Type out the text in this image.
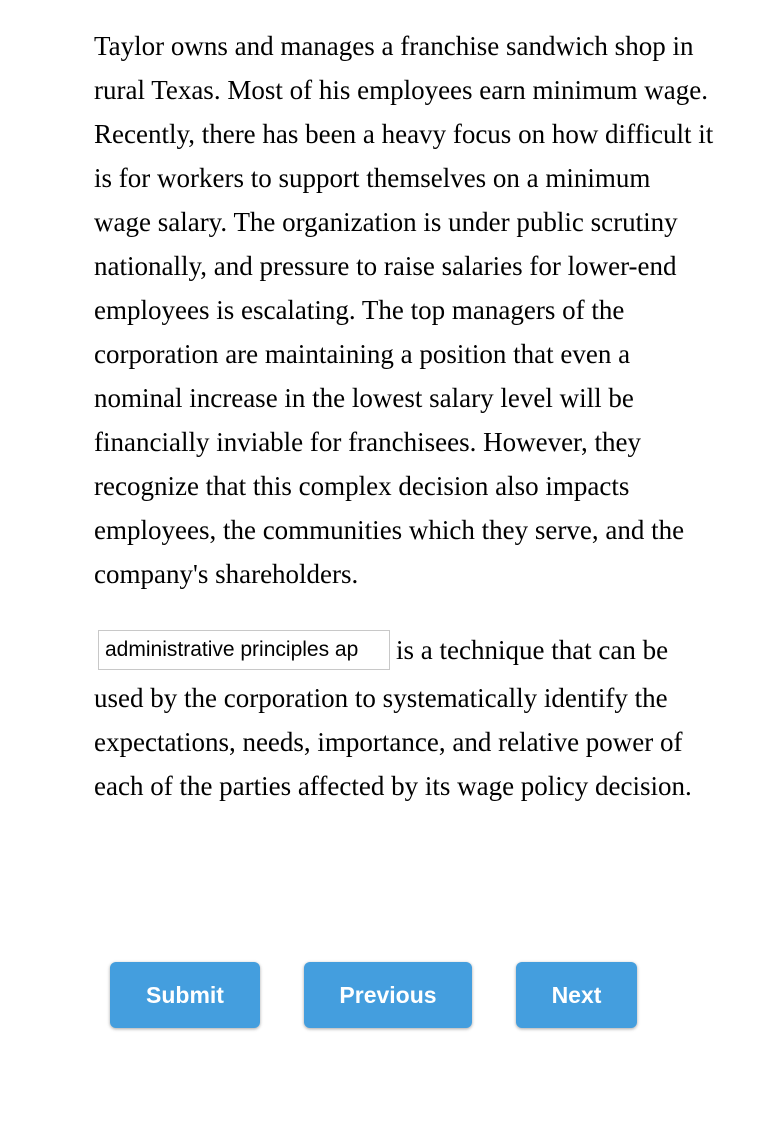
Taylor owns and manages a franchise sandwich shop in rural Texas. Most of his employees earn minimum wage. Recently, there has been a heavy focus on how difficult it is for workers to support themselves on a minimum wage salary. The organization is under public scrutiny nationally, and pressure to raise salaries for lower-end employees is escalating. The top managers of the corporation are maintaining a position that even a nominal increase in the lowest salary level will be financially inviable for franchisees. However, they recognize that this complex decision also impacts employees, the communities which they serve, and the company's shareholders.

administrative principles apis a technique that can be used by the corporation to systematically identify the expectations, needs, importance, and relative power of each of the parties affected by its wage policy decision.

Submit	Previous	Next
